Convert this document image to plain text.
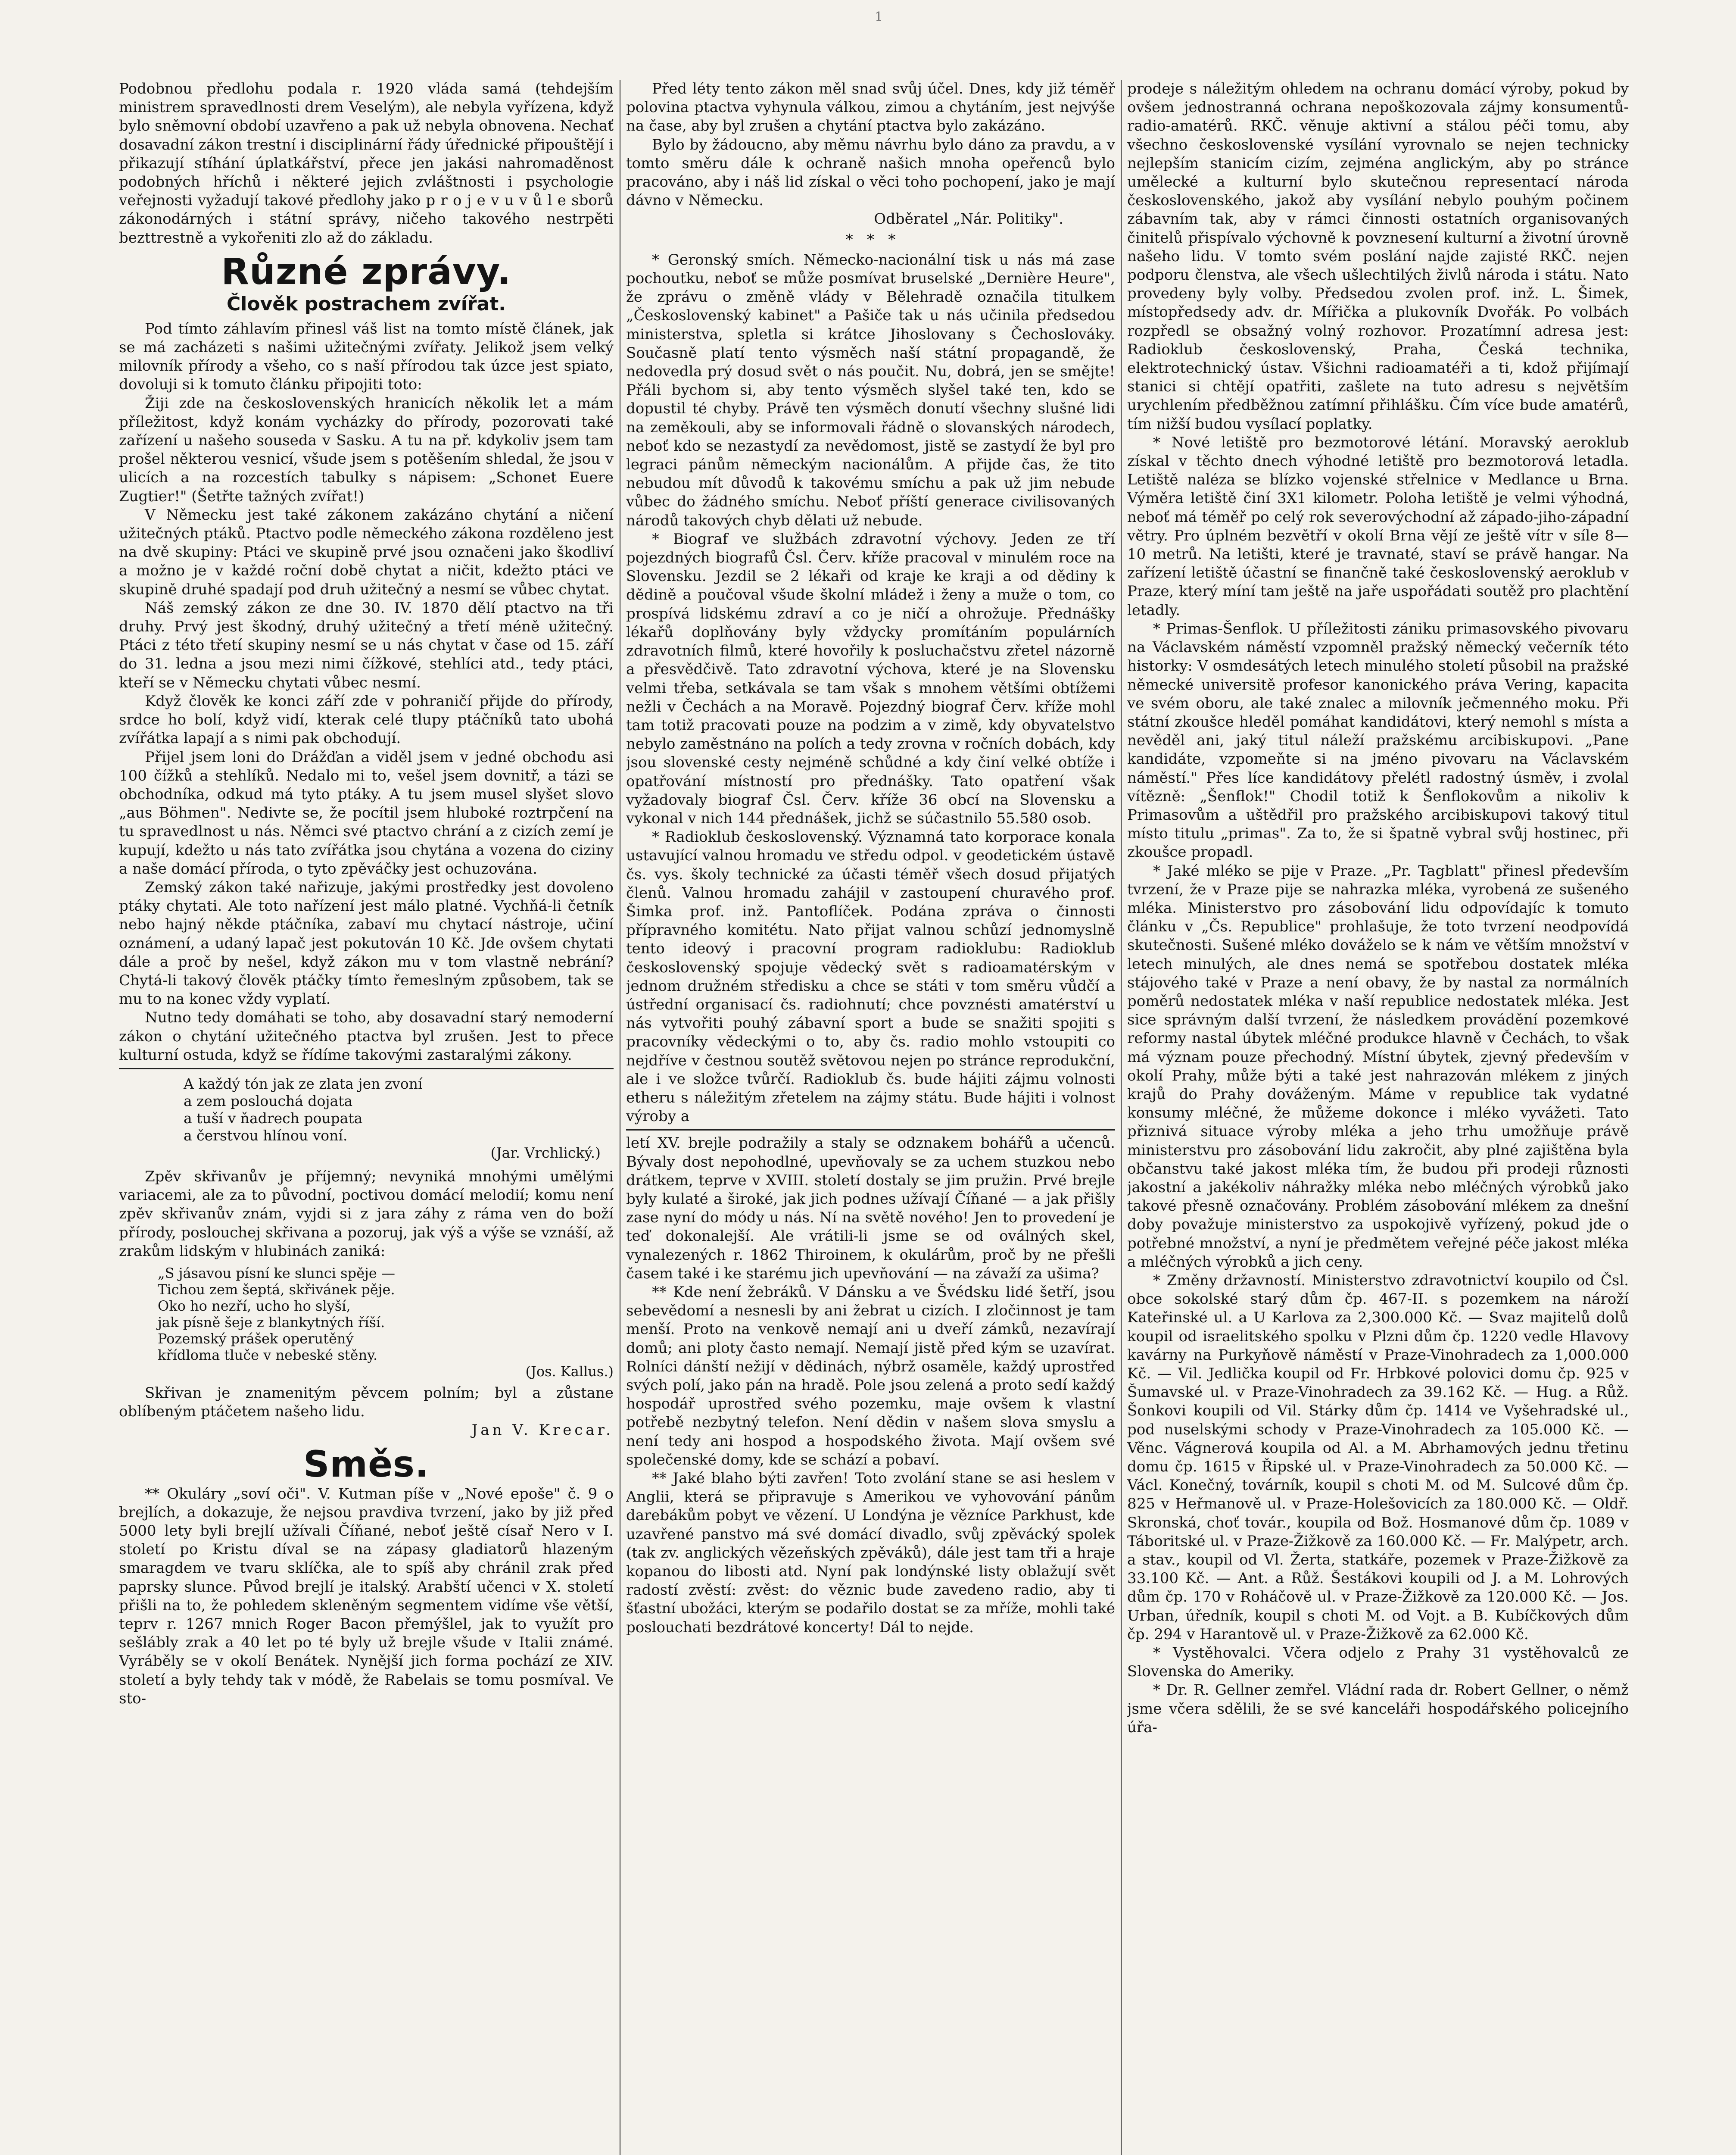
1

Podobnou předlohu podala r. 1920 vláda samá (tehdejším ministrem spravedlnosti drem Veselým), ale nebyla vyřízena, když bylo sněmovní období uzavřeno a pak už nebyla obnovena. Nechať dosavadní zákon trestní i disciplinární řády úřednické připouštějí i přikazují stíhání úplatkářství, přece jen jakási nahromaděnost podobných hříchů i některé jejich zvláštnosti i psychologie veřejnosti vyžadují takové předlohy jako p r o j e v u v ů l e sborů zákonodárných i státní správy, ničeho takového nestrpěti bezttrestně a vykořeniti zlo až do základu.

Různé zprávy.
Člověk postrachem zvířat.

Pod tímto záhlavím přinesl váš list na tomto místě článek, jak se má zacházeti s našimi užitečnými zvířaty. Jelikož jsem velký milovník přírody a všeho, co s naší přírodou tak úzce jest spiato, dovoluji si k tomuto článku připojiti toto:

Žiji zde na československých hranicích několik let a mám příležitost, když konám vycházky do přírody, pozorovati také zařízení u našeho souseda v Sasku. A tu na př. kdykoliv jsem tam prošel některou vesnicí, všude jsem s potěšením shledal, že jsou v ulicích a na rozcestích tabulky s nápisem: „Schonet Euere Zugtier!" (Šetřte tažných zvířat!)

V Německu jest také zákonem zakázáno chytání a ničení užitečných ptáků. Ptactvo podle německého zákona rozděleno jest na dvě skupiny: Ptáci ve skupině prvé jsou označeni jako škodliví a možno je v každé roční době chytat a ničit, kdežto ptáci ve skupině druhé spadají pod druh užitečný a nesmí se vůbec chytat.

Náš zemský zákon ze dne 30. IV. 1870 dělí ptactvo na tři druhy. Prvý jest škodný, druhý užitečný a třetí méně užitečný. Ptáci z této třetí skupiny nesmí se u nás chytat v čase od 15. září do 31. ledna a jsou mezi nimi čížkové, stehlíci atd., tedy ptáci, kteří se v Německu chytati vůbec nesmí.

Když člověk ke konci září zde v pohraničí přijde do přírody, srdce ho bolí, když vidí, kterak celé tlupy ptáčníků tato ubohá zvířátka lapají a s nimi pak obchodují.

Přijel jsem loni do Drážďan a viděl jsem v jedné obchodu asi 100 čížků a stehlíků. Nedalo mi to, vešel jsem dovnitř, a tázi se obchodníka, odkud má tyto ptáky. A tu jsem musel slyšet slovo „aus Böhmen". Nedivte se, že pocítil jsem hluboké roztrpčení na tu spravedlnost u nás. Němci své ptactvo chrání a z cizích zemí je kupují, kdežto u nás tato zvířátka jsou chytána a vozena do ciziny a naše domácí příroda, o tyto zpěváčky jest ochuzována.

Zemský zákon také nařizuje, jakými prostředky jest dovoleno ptáky chytati. Ale toto nařízení jest málo platné. Vychňá-li četník nebo hajný někde ptáčníka, zabaví mu chytací nástroje, učiní oznámení, a udaný lapač jest pokutován 10 Kč. Jde ovšem chytati dále a proč by nešel, když zákon mu v tom vlastně nebrání? Chytá-li takový člověk ptáčky tímto řemeslným způsobem, tak se mu to na konec vždy vyplatí.

Nutno tedy domáhati se toho, aby dosavadní starý nemoderní zákon o chytání užitečného ptactva byl zrušen. Jest to přece kulturní ostuda, když se řídíme takovými zastaralými zákony.

A každý tón jak ze zlata jen zvoní
a zem poslouchá dojata
a tuší v ňadrech poupata
a čerstvou hlínou voní.
(Jar. Vrchlický.)

Zpěv skřivanův je příjemný; nevyniká mnohými umělými variacemi, ale za to původní, poctivou domácí melodií; komu není zpěv skřivanův znám, vyjdi si z jara záhy z ráma ven do boží přírody, poslouchej skřivana a pozoruj, jak výš a výše se vznáší, až zrakům lidským v hlubinách zaniká:

„S jásavou písní ke slunci spěje —
Tichou zem šeptá, skřivánek pěje.
Oko ho nezří, ucho ho slyší,
jak písně šeje z blankytných říší.
Pozemský prášek operutěný
křídloma tluče v nebeské stěny.
(Jos. Kallus.)

Skřivan je znamenitým pěvcem polním; byl a zůstane oblíbeným ptáčetem našeho lidu.

Jan V. Krecar.
Směs.

** Okuláry „soví oči". V. Kutman píše v „Nové epoše" č. 9 o brejlích, a dokazuje, že nejsou pravdiva tvrzení, jako by již před 5000 lety byli brejlí užívali Číňané, neboť ještě císař Nero v I. století po Kristu díval se na zápasy gladiatorů hlazeným smaragdem ve tvaru sklíčka, ale to spíš aby chránil zrak před paprsky slunce. Původ brejlí je italský. Arabští učenci v X. století přišli na to, že pohledem skleněným segmentem vidíme vše větší, teprv r. 1267 mnich Roger Bacon přemýšlel, jak to využít pro sešlábly zrak a 40 let po té byly už brejle všude v Italii známé. Vyráběly se v okolí Benátek. Nynější jich forma pochází ze XIV. století a byly tehdy tak v módě, že Rabelais se tomu posmíval. Ve sto-

Před léty tento zákon měl snad svůj účel. Dnes, kdy již téměř polovina ptactva vyhynula válkou, zimou a chytáním, jest nejvýše na čase, aby byl zrušen a chytání ptactva bylo zakázáno.

Bylo by žádoucno, aby měmu návrhu bylo dáno za pravdu, a v tomto směru dále k ochraně našich mnoha opeřenců bylo pracováno, aby i náš lid získal o věci toho pochopení, jako je mají dávno v Německu.

Odběratel „Nár. Politiky".
*   *   *

* Geronský smích. Německo-nacionální tisk u nás má zase pochoutku, neboť se může posmívat bruselské „Dernière Heure", že zprávu o změně vlády v Bělehradě označila titulkem „Československý kabinet" a Pašiče tak u nás učinila předsedou ministerstva, spletla si krátce Jihoslovany s Čechoslováky. Současně platí tento výsměch naší státní propagandě, že nedovedla prý dosud svět o nás poučit. Nu, dobrá, jen se smějte! Přáli bychom si, aby tento výsměch slyšel také ten, kdo se dopustil té chyby. Právě ten výsměch donutí všechny slušné lidi na zeměkouli, aby se informovali řádně o slovanských národech, neboť kdo se nezastydí za nevědomost, jistě se zastydí že byl pro legraci pánům německým nacionálům. A přijde čas, že tito nebudou mít důvodů k takovému smíchu a pak už jim nebude vůbec do žádného smíchu. Neboť příští generace civilisovaných národů takových chyb dělati už nebude.

* Biograf ve službách zdravotní výchovy. Jeden ze tří pojezdných biografů Čsl. Červ. kříže pracoval v minulém roce na Slovensku. Jezdil se 2 lékaři od kraje ke kraji a od dědiny k dědině a poučoval všude školní mládež i ženy a muže o tom, co prospívá lidskému zdraví a co je ničí a ohrožuje. Přednášky lékařů doplňovány byly vždycky promítáním populárních zdravotních filmů, které hovořily k posluchačstvu zřetel názorně a přesvědčivě. Tato zdravotní výchova, které je na Slovensku velmi třeba, setkávala se tam však s mnohem většími obtížemi nežli v Čechách a na Moravě. Pojezdný biograf Červ. kříže mohl tam totiž pracovati pouze na podzim a v zimě, kdy obyvatelstvo nebylo zaměstnáno na polích a tedy zrovna v ročních dobách, kdy jsou slovenské cesty nejméně schůdné a kdy činí velké obtíže i opatřování místností pro přednášky. Tato opatření však vyžadovaly biograf Čsl. Červ. kříže 36 obcí na Slovensku a vykonal v nich 144 přednášek, jichž se súčastnilo 55.580 osob.

* Radioklub československý. Významná tato korporace konala ustavující valnou hromadu ve středu odpol. v geodetickém ústavě čs. vys. školy technické za účasti téměř všech dosud přijatých členů. Valnou hromadu zahájil v zastoupení churavého prof. Šimka prof. inž. Pantoflíček. Podána zpráva o činnosti přípravného komitétu. Nato přijat valnou schůzí jednomyslně tento ideový i pracovní program radioklubu: Radioklub československý spojuje vědecký svět s radioamatérským v jednom družném středisku a chce se státi v tom směru vůdčí a ústřední organisací čs. radiohnutí; chce povznésti amatérství u nás vytvořiti pouhý zábavní sport a bude se snažiti spojiti s pracovníky vědeckými o to, aby čs. radio mohlo vstoupiti co nejdříve v čestnou soutěž světovou nejen po stránce reprodukční, ale i ve složce tvůrčí. Radioklub čs. bude hájiti zájmu volnosti etheru s náležitým zřetelem na zájmy státu. Bude hájiti i volnost výroby a

letí XV. brejle podražily a staly se odznakem bohářů a učenců. Bývaly dost nepohodlné, upevňovaly se za uchem stuzkou nebo drátkem, teprve v XVIII. století dostaly se jim pružin. Prvé brejle byly kulaté a široké, jak jich podnes užívají Číňané — a jak přišly zase nyní do módy u nás. Ní na světě nového! Jen to provedení je teď dokonalejší. Ale vrátili-li jsme se od oválných skel, vynalezených r. 1862 Thiroinem, k okulárům, proč by ne přešli časem také i ke starému jich upevňování — na závaží za ušima?

** Kde není žebráků. V Dánsku a ve Švédsku lidé šetří, jsou sebevědomí a nesnesli by ani žebrat u cizích. I zločinnost je tam menší. Proto na venkově nemají ani u dveří zámků, nezavírají domů; ani ploty často nemají. Nemají jistě před kým se uzavírat. Rolníci dánští nežijí v dědinách, nýbrž osaměle, každý uprostřed svých polí, jako pán na hradě. Pole jsou zelená a proto sedí každý hospodář uprostřed svého pozemku, maje ovšem k vlastní potřebě nezbytný telefon. Není dědin v našem slova smyslu a není tedy ani hospod a hospodského života. Mají ovšem své společenské domy, kde se schází a pobaví.

** Jaké blaho býti zavřen! Toto zvolání stane se asi heslem v Anglii, která se připravuje s Amerikou ve vyhovování pánům darebákům pobyt ve vězení. U Londýna je vězníce Parkhust, kde uzavřené panstvo má své domácí divadlo, svůj zpěvácký spolek (tak zv. anglických vězeňských zpěváků), dále jest tam tři a hraje kopanou do libosti atd. Nyní pak londýnské listy oblažují svět radostí zvěstí: zvěst: do věznic bude zavedeno radio, aby ti šťastní ubožáci, kterým se podařilo dostat se za mříže, mohli také poslouchati bezdrátové koncerty! Dál to nejde.

prodeje s náležitým ohledem na ochranu domácí výroby, pokud by ovšem jednostranná ochrana nepoškozovala zájmy konsumentů-radio-amatérů. RKČ. věnuje aktivní a stálou péči tomu, aby všechno československé vysílání vyrovnalo se nejen technicky nejlepším stanicím cizím, zejména anglickým, aby po stránce umělecké a kulturní bylo skutečnou representací národa československého, jakož aby vysílání nebylo pouhým počinem zábavním tak, aby v rámci činnosti ostatních organisovaných činitelů přispívalo výchovně k povznesení kulturní a životní úrovně našeho lidu. V tomto svém poslání najde zajisté RKČ. nejen podporu členstva, ale všech ušlechtilých živlů národa i státu. Nato provedeny byly volby. Předsedou zvolen prof. inž. L. Šimek, místopředsedy adv. dr. Mířička a plukovník Dvořák. Po volbách rozpředl se obsažný volný rozhovor. Prozatímní adresa jest: Radioklub československý, Praha, Česká technika, elektrotechnický ústav. Všichni radioamatéři a ti, kdož přijímají stanici si chtějí opatřiti, zašlete na tuto adresu s největším urychlením předběžnou zatímní přihlášku. Čím více bude amatérů, tím nižší budou vysílací poplatky.

* Nové letiště pro bezmotorové létání. Moravský aeroklub získal v těchto dnech výhodné letiště pro bezmotorová letadla. Letiště naléza se blízko vojenské střelnice v Medlance u Brna. Výměra letiště činí 3X1 kilometr. Poloha letiště je velmi výhodná, neboť má téměř po celý rok severovýchodní až západo-jiho-západní větry. Pro úplném bezvětří v okolí Brna vějí ze ještě vítr v síle 8—10 metrů. Na letišti, které je travnaté, staví se právě hangar. Na zařízení letiště účastní se finančně také československý aeroklub v Praze, který míní tam ještě na jaře uspořádati soutěž pro plachtění letadly.

* Primas-Šenflok. U příležitosti zániku primasovského pivovaru na Václavském náměstí vzpomněl pražský německý večerník této historky: V osmdesátých letech minulého století působil na pražské německé universitě profesor kanonického práva Vering, kapacita ve svém oboru, ale také znalec a milovník ječmenného moku. Při státní zkoušce hleděl pomáhat kandidátovi, který nemohl s místa a nevěděl ani, jaký titul náleží pražskému arcibiskupovi. „Pane kandidáte, vzpomeňte si na jméno pivovaru na Václavském náměstí." Přes líce kandidátovy přelétl radostný úsměv, i zvolal vítězně: „Šenflok!" Chodil totiž k Šenflokovům a nikoliv k Primasovům a uštědřil pro pražského arcibiskupovi takový titul místo titulu „primas". Za to, že si špatně vybral svůj hostinec, při zkoušce propadl.

* Jaké mléko se pije v Praze. „Pr. Tagblatt" přinesl především tvrzení, že v Praze pije se nahrazka mléka, vyrobená ze sušeného mléka. Ministerstvo pro zásobování lidu odpovídajíc k tomuto článku v „Čs. Republice" prohlašuje, že toto tvrzení neodpovídá skutečnosti. Sušené mléko dováželo se k nám ve větším množství v letech minulých, ale dnes nemá se spotřebou dostatek mléka stájového také v Praze a není obavy, že by nastal za normálních poměrů nedostatek mléka v naší republice nedostatek mléka. Jest sice správným další tvrzení, že následkem provádění pozemkové reformy nastal úbytek mléčné produkce hlavně v Čechách, to však má význam pouze přechodný. Místní úbytek, zjevný především v okolí Prahy, může býti a také jest nahrazován mlékem z jiných krajů do Prahy dováženým. Máme v republice tak vydatné konsumy mléčné, že můžeme dokonce i mléko vyvážeti. Tato přiznivá situace výroby mléka a jeho trhu umožňuje právě ministerstvu pro zásobování lidu zakročit, aby plné zajištěna byla občanstvu také jakost mléka tím, že budou při prodeji různosti jakostní a jakékoliv náhražky mléka nebo mléčných výrobků jako takové přesně označovány. Problém zásobování mlékem za dnešní doby považuje ministerstvo za uspokojivě vyřízený, pokud jde o potřebné množství, a nyní je předmětem veřejné péče jakost mléka a mléčných výrobků a jich ceny.

* Změny državností. Ministerstvo zdravotnictví koupilo od Čsl. obce sokolské starý dům čp. 467-II. s pozemkem na nároží Kateřinské ul. a U Karlova za 2,300.000 Kč. — Svaz majitelů dolů koupil od israelitského spolku v Plzni dům čp. 1220 vedle Hlavovy kavárny na Purkyňově náměstí v Praze-Vinohradech za 1,000.000 Kč. — Vil. Jedlička koupil od Fr. Hrbkové polovici domu čp. 925 v Šumavské ul. v Praze-Vinohradech za 39.162 Kč. — Hug. a Růž. Šonkovi koupili od Vil. Stárky dům čp. 1414 ve Vyšehradské ul., pod nuselskými schody v Praze-Vinohradech za 105.000 Kč. — Věnc. Vágnerová koupila od Al. a M. Abrhamových jednu třetinu domu čp. 1615 v Řipské ul. v Praze-Vinohradech za 50.000 Kč. — Václ. Konečný, továrník, koupil s choti M. od M. Sulcové dům čp. 825 v Heřmanově ul. v Praze-Holešovicích za 180.000 Kč. — Oldř. Skronská, choť továr., koupila od Bož. Hosmanové dům čp. 1089 v Táboritské ul. v Praze-Žižkově za 160.000 Kč. — Fr. Malýpetr, arch. a stav., koupil od Vl. Žerta, statkáře, pozemek v Praze-Žižkově za 33.100 Kč. — Ant. a Růž. Šestákovi koupili od J. a M. Lohrových dům čp. 170 v Roháčově ul. v Praze-Žižkově za 120.000 Kč. — Jos. Urban, úředník, koupil s choti M. od Vojt. a B. Kubíčkových dům čp. 294 v Harantově ul. v Praze-Žižkově za 62.000 Kč.

* Vystěhovalci. Včera odjelo z Prahy 31 vystěhovalců ze Slovenska do Ameriky.

* Dr. R. Gellner zemřel. Vládní rada dr. Robert Gellner, o němž jsme včera sdělili, že se své kanceláři hospodářského policejního úřa-
